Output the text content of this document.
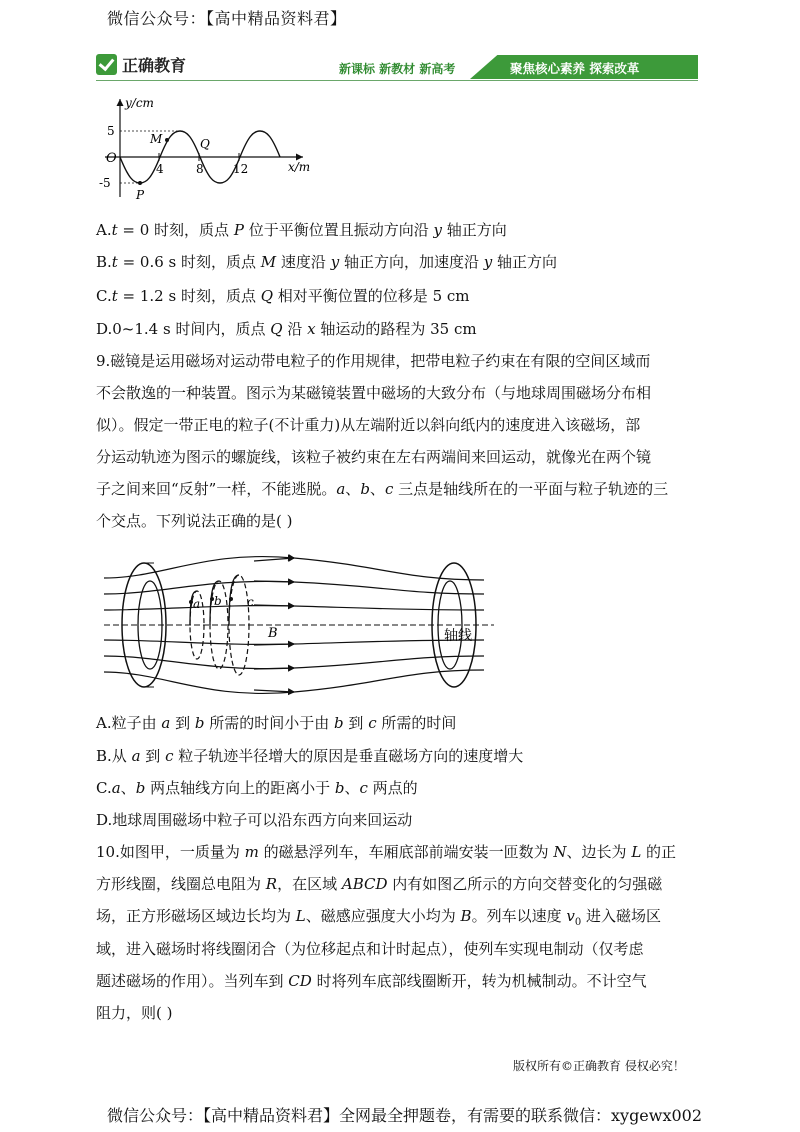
微信公众号：【高中精品资料君】
正确教育	新课标 新教材 新高考	聚焦核心素养 探索改革
y/cm
x/m
O
5
-5
4	8 12
M	Q
P
A.t = 0 时刻，质点 P 位于平衡位置且振动方向沿 y 轴正方向
B.t = 0.6 s 时刻，质点 M 速度沿 y 轴正方向，加速度沿 y 轴正方向
C.t = 1.2 s 时刻，质点 Q 相对平衡位置的位移是 5 cm
D.0~1.4 s 时间内，质点 Q 沿 x 轴运动的路程为 35 cm
9.磁镜是运用磁场对运动带电粒子的作用规律，把带电粒子约束在有限的空间区域而
不会散逸的一种装置。图示为某磁镜装置中磁场的大致分布（与地球周围磁场分布相
似）。假定一带正电的粒子(不计重力)从左端附近以斜向纸内的速度进入该磁场，部
分运动轨迹为图示的螺旋线，该粒子被约束在左右两端间来回运动，就像光在两个镜
子之间来回“反射”一样，不能逃脱。a、b、c 三点是轴线所在的一平面与粒子轨迹的三
个交点。下列说法正确的是( )
a b c
B	轴线
A.粒子由 a 到 b 所需的时间小于由 b 到 c 所需的时间
B.从 a 到 c 粒子轨迹半径增大的原因是垂直磁场方向的速度增大
C.a、b 两点轴线方向上的距离小于 b、c 两点的
D.地球周围磁场中粒子可以沿东西方向来回运动
10.如图甲，一质量为 m 的磁悬浮列车，车厢底部前端安装一匝数为 N、边长为 L 的正
方形线圈，线圈总电阻为 R，在区域 ABCD 内有如图乙所示的方向交替变化的匀强磁
场，正方形磁场区域边长均为 L、磁感应强度大小均为 B。列车以速度 $v_0$ 进入磁场区
域，进入磁场时将线圈闭合（为位移起点和计时起点），使列车实现电制动（仅考虑
题述磁场的作用）。当列车到 CD 时将列车底部线圈断开，转为机械制动。不计空气
阻力，则( )
版权所有©正确教育 侵权必究！
微信公众号：【高中精品资料君】全网最全押题卷，有需要的联系微信：xygewx002
